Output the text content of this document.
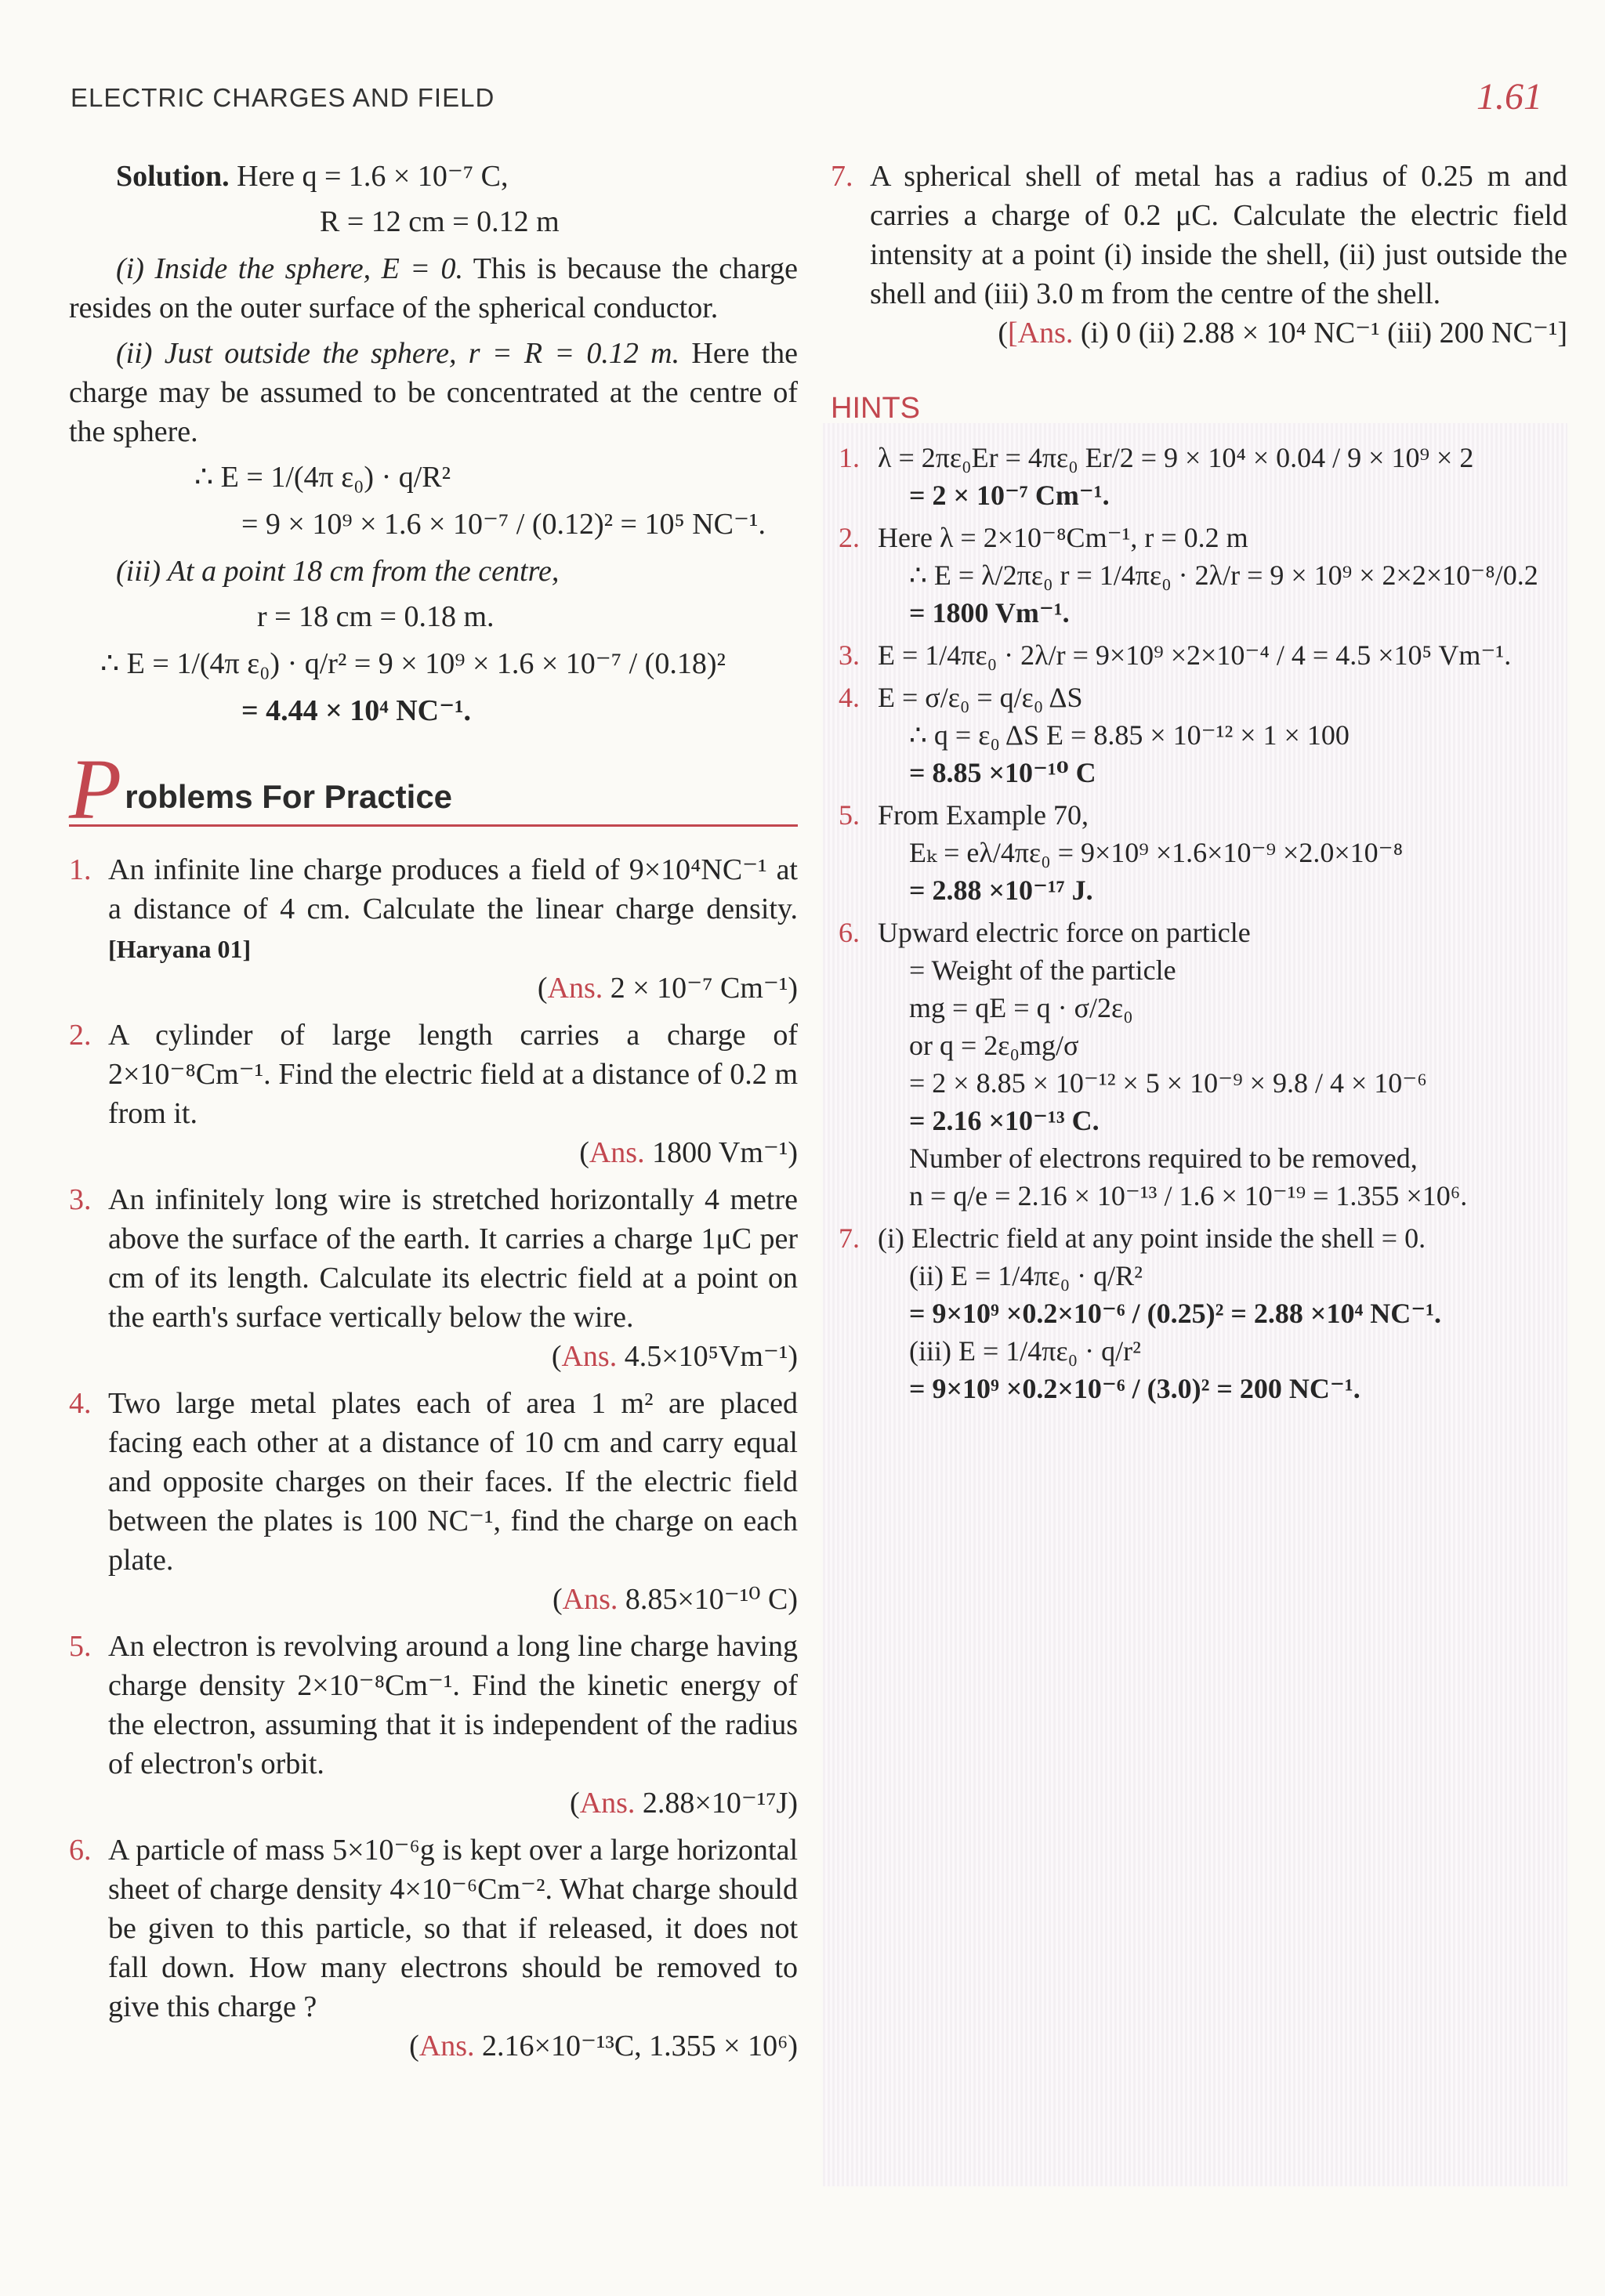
ELECTRIC CHARGES AND FIELD	1.61

Solution. Here q = 1.6 × 10⁻⁷ C,

R = 12 cm = 0.12 m

(i) Inside the sphere, E = 0. This is because the charge resides on the outer surface of the spherical conductor.

(ii) Just outside the sphere, r = R = 0.12 m. Here the charge may be assumed to be concentrated at the centre of the sphere.

∴ E = 1/(4π ε₀) · q/R²
= 9 × 10⁹ × 1.6 × 10⁻⁷ / (0.12)² = 10⁵ NC⁻¹.

(iii) At a point 18 cm from the centre,

r = 18 cm = 0.18 m.
∴ E = 1/(4π ε₀) · q/r² = 9 × 10⁹ × 1.6 × 10⁻⁷ / (0.18)²
= 4.44 × 10⁴ NC⁻¹.
P roblems For Practice
1. An infinite line charge produces a field of 9×10⁴NC⁻¹ at a distance of 4 cm. Calculate the linear charge density. [Haryana 01]
(Ans. 2 × 10⁻⁷ Cm⁻¹)
2. A cylinder of large length carries a charge of 2×10⁻⁸Cm⁻¹. Find the electric field at a distance of 0.2 m from it.
(Ans. 1800 Vm⁻¹)
3. An infinitely long wire is stretched horizontally 4 metre above the surface of the earth. It carries a charge 1μC per cm of its length. Calculate its electric field at a point on the earth's surface vertically below the wire.
(Ans. 4.5×10⁵Vm⁻¹)
4. Two large metal plates each of area 1 m² are placed facing each other at a distance of 10 cm and carry equal and opposite charges on their faces. If the electric field between the plates is 100 NC⁻¹, find the charge on each plate.
(Ans. 8.85×10⁻¹⁰ C)
5. An electron is revolving around a long line charge having charge density 2×10⁻⁸Cm⁻¹. Find the kinetic energy of the electron, assuming that it is independent of the radius of electron's orbit.
(Ans. 2.88×10⁻¹⁷J)
6. A particle of mass 5×10⁻⁶g is kept over a large horizontal sheet of charge density 4×10⁻⁶Cm⁻². What charge should be given to this particle, so that if released, it does not fall down. How many electrons should be removed to give this charge ?
(Ans. 2.16×10⁻¹³C, 1.355 × 10⁶)
7. A spherical shell of metal has a radius of 0.25 m and carries a charge of 0.2 μC. Calculate the electric field intensity at a point (i) inside the shell, (ii) just outside the shell and (iii) 3.0 m from the centre of the shell.
([Ans. (i) 0 (ii) 2.88 × 10⁴ NC⁻¹ (iii) 200 NC⁻¹]
HINTS
1. λ = 2πε₀Er = 4πε₀ Er/2 = 9 × 10⁴ × 0.04 / 9 × 10⁹ × 2
= 2 × 10⁻⁷ Cm⁻¹.
2. Here λ = 2×10⁻⁸Cm⁻¹, r = 0.2 m
∴ E = λ/2πε₀ r = 1/4πε₀ · 2λ/r = 9 × 10⁹ × 2×2×10⁻⁸/0.2
= 1800 Vm⁻¹.
3. E = 1/4πε₀ · 2λ/r = 9×10⁹ ×2×10⁻⁴ / 4 = 4.5 ×10⁵ Vm⁻¹.
4. E = σ/ε₀ = q/ε₀ ΔS
∴ q = ε₀ ΔS E = 8.85 × 10⁻¹² × 1 × 100
= 8.85 ×10⁻¹⁰ C
5. From Example 70,
Eₖ = eλ/4πε₀ = 9×10⁹ ×1.6×10⁻⁹ ×2.0×10⁻⁸
= 2.88 ×10⁻¹⁷ J.
6. Upward electric force on particle
= Weight of the particle
mg = qE = q · σ/2ε₀
or q = 2ε₀mg/σ
= 2 × 8.85 × 10⁻¹² × 5 × 10⁻⁹ × 9.8 / 4 × 10⁻⁶
= 2.16 ×10⁻¹³ C.
Number of electrons required to be removed,
n = q/e = 2.16 × 10⁻¹³ / 1.6 × 10⁻¹⁹ = 1.355 ×10⁶.
7. (i) Electric field at any point inside the shell = 0.
(ii) E = 1/4πε₀ · q/R²
= 9×10⁹ ×0.2×10⁻⁶ / (0.25)² = 2.88 ×10⁴ NC⁻¹.
(iii) E = 1/4πε₀ · q/r²
= 9×10⁹ ×0.2×10⁻⁶ / (3.0)² = 200 NC⁻¹.
